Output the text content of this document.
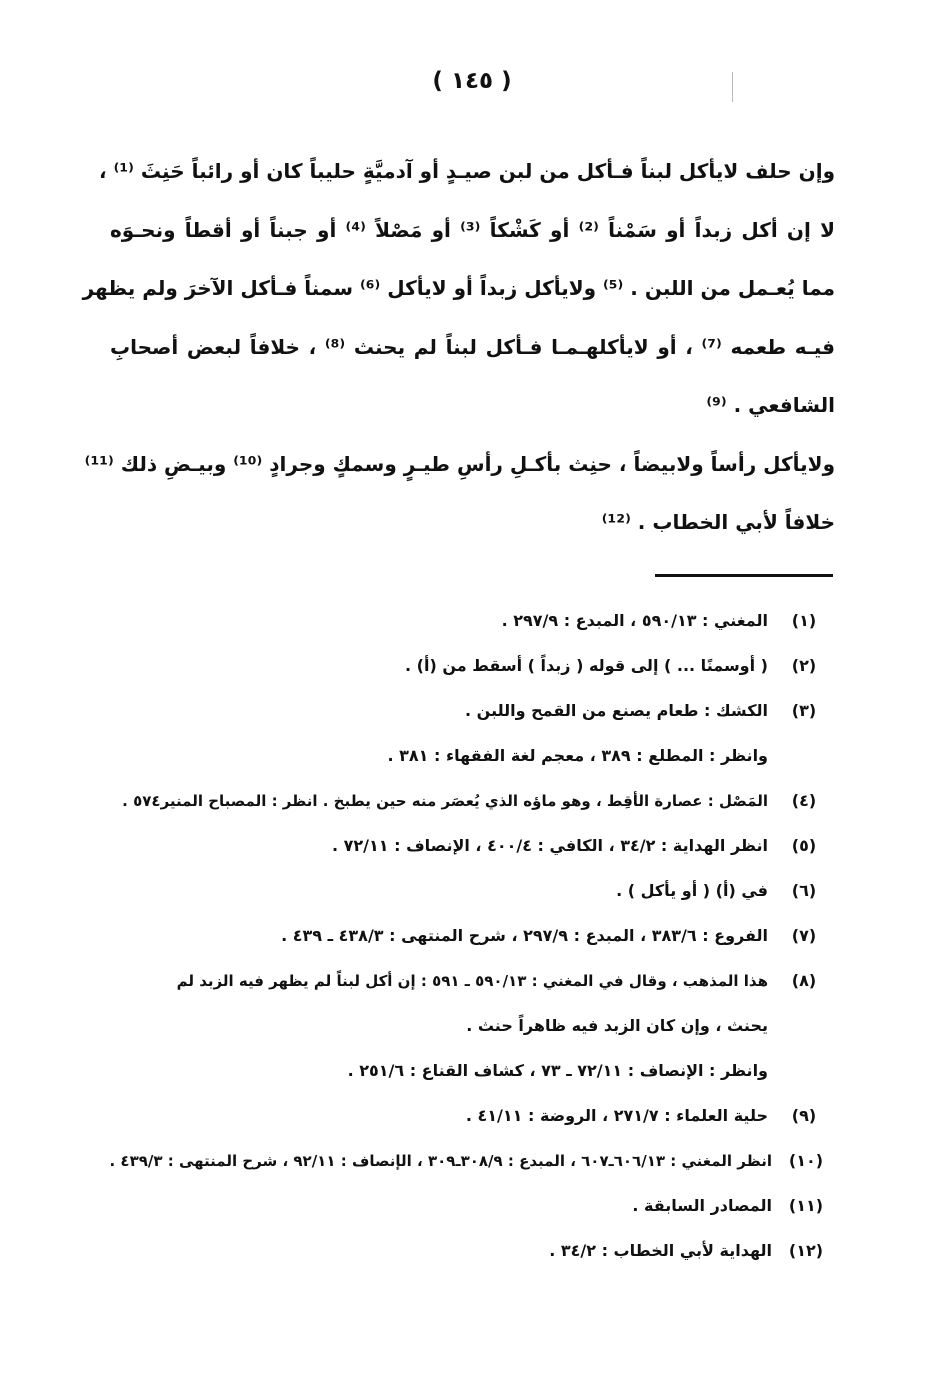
( ١٤٥ )
وإن حلف لايأكل لبناً فـأكل من لبن صيـدٍ أو آدميَّةٍ حليباً كان أو رائباً حَنِثَ ⁽¹⁾ ،
لا إن أكل زبداً أو سَمْناً ⁽²⁾ أو كَشْكاً ⁽³⁾ أو مَصْلاً ⁽⁴⁾ أو جبناً أو أقطاً ونحـوَه
مما يُعـمل من اللبن . ⁽⁵⁾ ولايأكل زبداً أو لايأكل ⁽⁶⁾ سمناً فـأكل الآخرَ ولم يظهر
فيـه طعمه ⁽⁷⁾ ، أو لايأكلهـمـا فـأكل لبناً لم يحنث ⁽⁸⁾ ، خلافاً لبعض أصحابِ
الشافعي . ⁽⁹⁾
ولايأكل رأساً ولابيضاً ، حنِث بأكـلِ رأسِ طيـرٍ وسمكٍ وجرادٍ ⁽¹⁰⁾ وبيـضِ ذلك ⁽¹¹⁾
خلافاً لأبي الخطاب . ⁽¹²⁾
(١)المغني : ٥٩٠/١٣ ، المبدع : ٢٩٧/٩ .
(٢)( أوسمنًا ... ) إلى قوله ( زبداً ) أسقط من (أ) .
(٣)الكشك : طعام يصنع من القمح واللبن .
وانظر : المطلع : ٣٨٩ ، معجم لغة الفقهاء : ٣٨١ .
(٤)المَصْل : عصارة الأقِط ، وهو ماؤه الذي يُعصَر منه حين يطبخ . انظر : المصباح المنير٥٧٤ .
(٥)انظر الهداية : ٣٤/٢ ، الكافي : ٤٠٠/٤ ، الإنصاف : ٧٢/١١ .
(٦)في (أ) ( أو يأكل ) .
(٧)الفروع : ٣٨٣/٦ ، المبدع : ٢٩٧/٩ ، شرح المنتهى : ٤٣٨/٣ ـ ٤٣٩ .
(٨)هذا المذهب ، وقال في المغني : ٥٩٠/١٣ ـ ٥٩١ : إن أكل لبناً لم يظهر فيه الزبد لم
يحنث ، وإن كان الزبد فيه ظاهراً حنث .
وانظر : الإنصاف : ٧٢/١١ ـ ٧٣ ، كشاف القناع : ٢٥١/٦ .
(٩)حلية العلماء : ٢٧١/٧ ، الروضة : ٤١/١١ .
(١٠)انظر المغني : ٦٠٦/١٣ـ٦٠٧ ، المبدع : ٣٠٨/٩ـ٣٠٩ ، الإنصاف : ٩٢/١١ ، شرح المنتهى : ٤٣٩/٣ .
(١١)المصادر السابقة .
(١٢)الهداية لأبي الخطاب : ٣٤/٢ .
